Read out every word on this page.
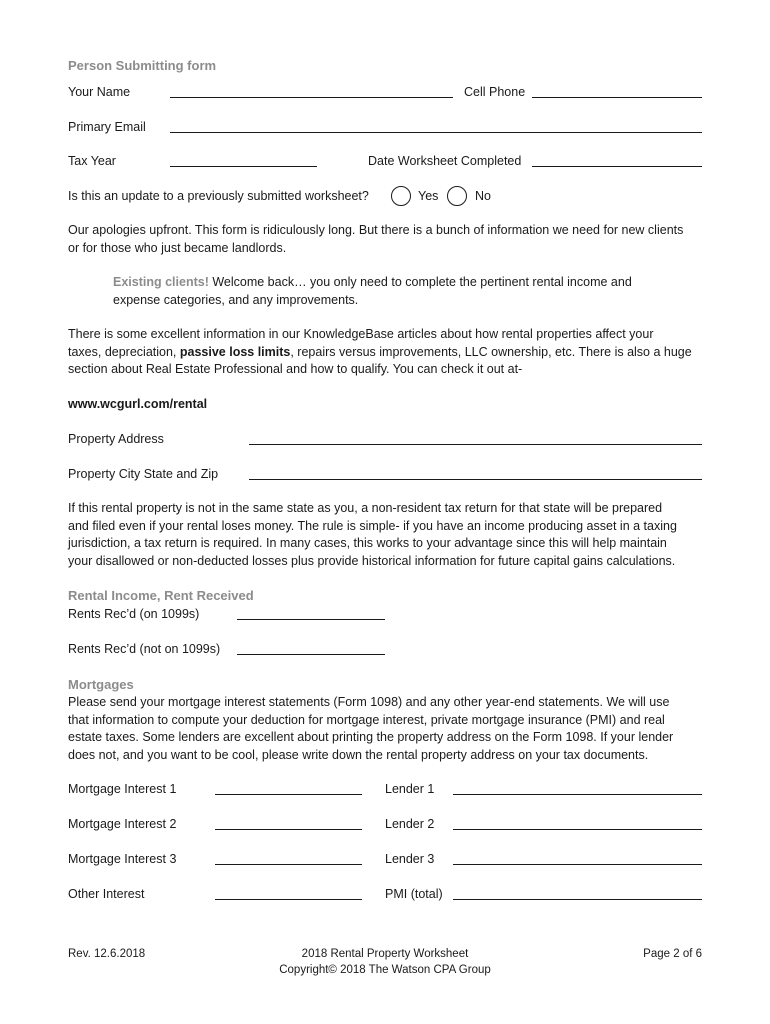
Person Submitting form
Your Name	Cell Phone
Primary Email
Tax Year	Date Worksheet Completed
Is this an update to a previously submitted worksheet?	Yes	No
Our apologies upfront. This form is ridiculously long. But there is a bunch of information we need for new clients
or for those who just became landlords.
Existing clients! Welcome back… you only need to complete the pertinent rental income and
expense categories, and any improvements.
There is some excellent information in our KnowledgeBase articles about how rental properties affect your
taxes, depreciation, passive loss limits, repairs versus improvements, LLC ownership, etc. There is also a huge
section about Real Estate Professional and how to qualify. You can check it out at-
www.wcgurl.com/rental
Property Address
Property City State and Zip
If this rental property is not in the same state as you, a non-resident tax return for that state will be prepared
and filed even if your rental loses money. The rule is simple- if you have an income producing asset in a taxing
jurisdiction, a tax return is required. In many cases, this works to your advantage since this will help maintain
your disallowed or non-deducted losses plus provide historical information for future capital gains calculations.
Rental Income, Rent Received
Rents Rec’d (on 1099s)
Rents Rec’d (not on 1099s)
Mortgages
Please send your mortgage interest statements (Form 1098) and any other year-end statements. We will use
that information to compute your deduction for mortgage interest, private mortgage insurance (PMI) and real
estate taxes. Some lenders are excellent about printing the property address on the Form 1098. If your lender
does not, and you want to be cool, please write down the rental property address on your tax documents.
Mortgage Interest 1	Lender 1
Mortgage Interest 2	Lender 2
Mortgage Interest 3	Lender 3
Other Interest	PMI (total)
Rev. 12.6.2018	2018 Rental Property Worksheet
Copyright© 2018 The Watson CPA Group
Page 2 of 6
